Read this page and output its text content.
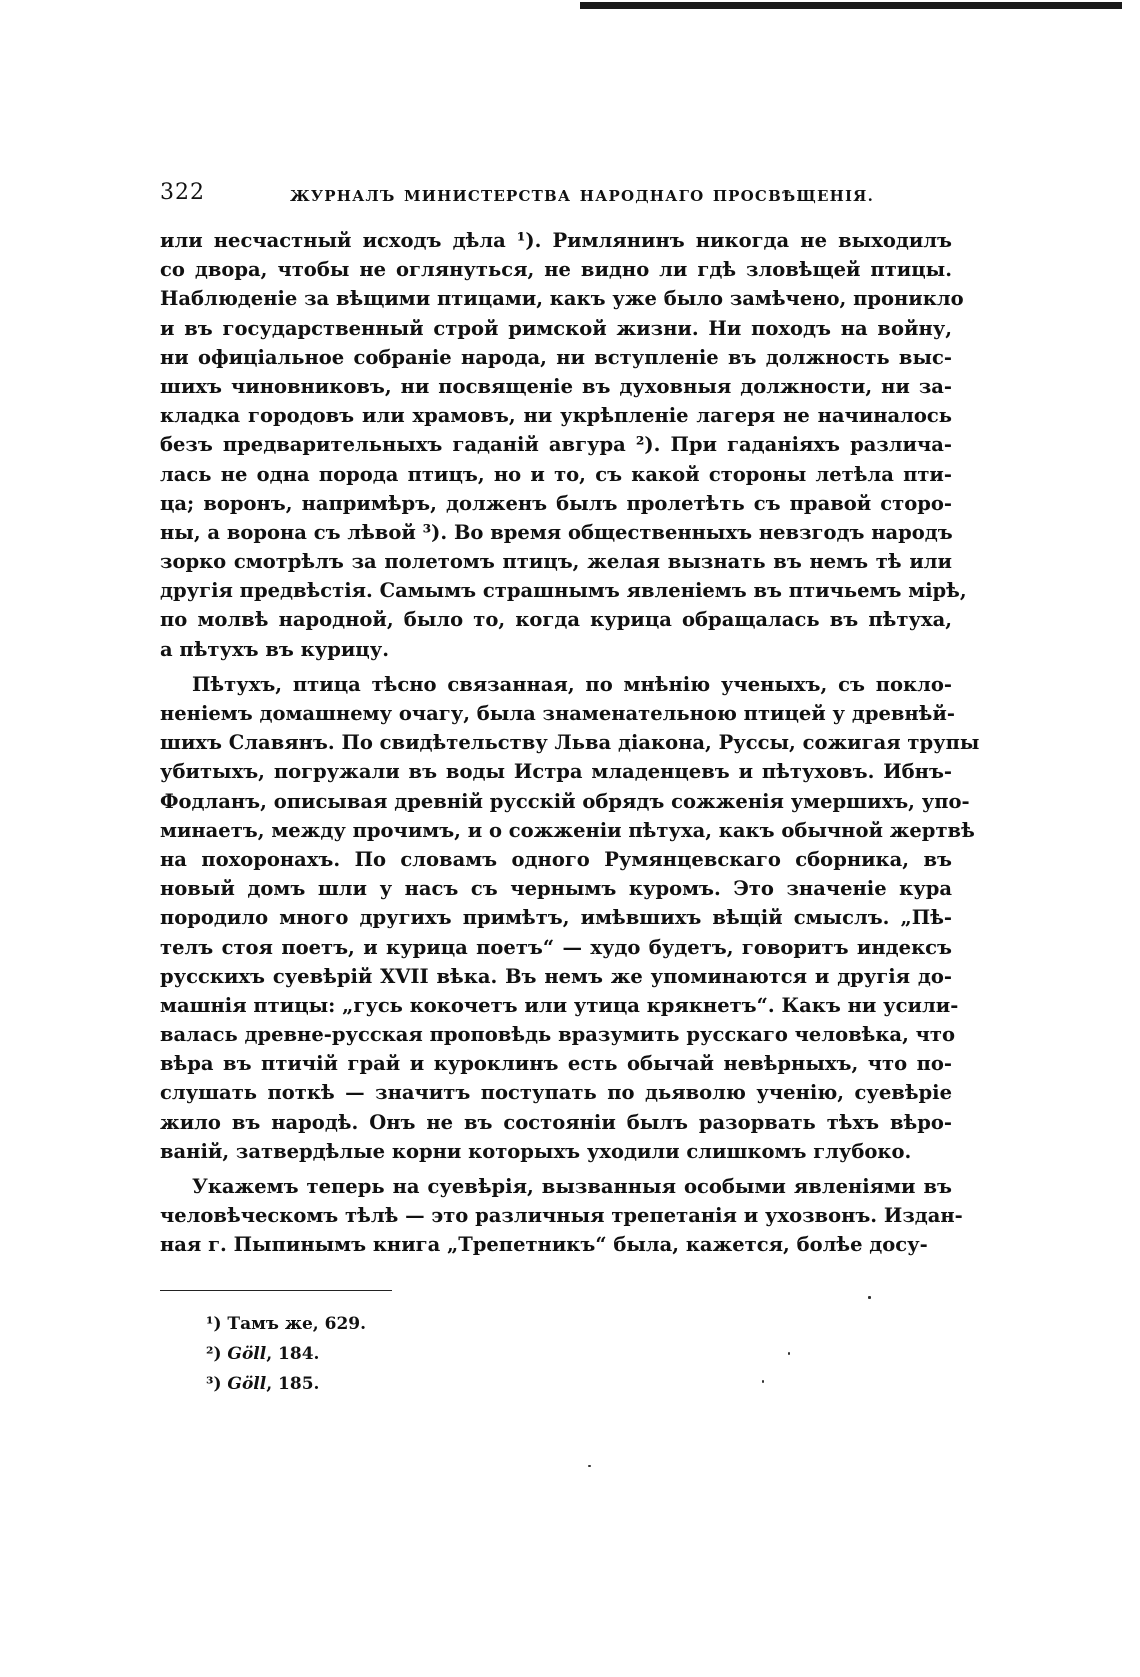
322	ЖУРНАЛЪ МИНИСТЕРСТВА НАРОДНАГО ПРОСВѢЩЕНІЯ.
или несчастный исходъ дѣла ¹). Римлянинъ никогда не выходилъ
со двора, чтобы не оглянуться, не видно ли гдѣ зловѣщей птицы.
Наблюденіе за вѣщими птицами, какъ уже было замѣчено, проникло
и въ государственный строй римской жизни. Ни походъ на войну,
ни офиціальное собраніе народа, ни вступленіе въ должность выс-
шихъ чиновниковъ, ни посвященіе въ духовныя должности, ни за-
кладка городовъ или храмовъ, ни укрѣпленіе лагеря не начиналось
безъ предварительныхъ гаданій авгура ²). При гаданіяхъ различа-
лась не одна порода птицъ, но и то, съ какой стороны летѣла пти-
ца; воронъ, напримѣръ, долженъ былъ пролетѣть съ правой сторо-
ны, а ворона съ лѣвой ³). Во время общественныхъ невзгодъ народъ
зорко смотрѣлъ за полетомъ птицъ, желая вызнать въ немъ тѣ или
другія предвѣстія. Самымъ страшнымъ явленіемъ въ птичьемъ мірѣ,
по молвѣ народной, было то, когда курица обращалась въ пѣтуха,
а пѣтухъ въ курицу.
Пѣтухъ, птица тѣсно связанная, по мнѣнію ученыхъ, съ покло-
неніемъ домашнему очагу, была знаменательною птицей у древнѣй-
шихъ Славянъ. По свидѣтельству Льва діакона, Руссы, сожигая трупы
убитыхъ, погружали въ воды Истра младенцевъ и пѣтуховъ. Ибнъ-
Фодланъ, описывая древній русскій обрядъ сожженія умершихъ, упо-
минаетъ, между прочимъ, и о сожженіи пѣтуха, какъ обычной жертвѣ
на похоронахъ. По словамъ одного Румянцевскаго сборника, въ
новый домъ шли у насъ съ чернымъ куромъ. Это значеніе кура
породило много другихъ примѣтъ, имѣвшихъ вѣщій смыслъ. „Пѣ-
телъ стоя поетъ, и курица поетъ“ — худо будетъ, говоритъ индексъ
русскихъ суевѣрій XVII вѣка. Въ немъ же упоминаются и другія до-
машнія птицы: „гусь кокочетъ или утица крякнетъ“. Какъ ни усили-
валась древне-русская проповѣдь вразумить русскаго человѣка, что
вѣра въ птичій грай и куроклинъ есть обычай невѣрныхъ, что по-
слушать поткѣ — значитъ поступать по дьяволю ученію, суевѣріе
жило въ народѣ. Онъ не въ состояніи былъ разорвать тѣхъ вѣро-
ваній, затвердѣлые корни которыхъ уходили слишкомъ глубоко.
Укажемъ теперь на суевѣрія, вызванныя особыми явленіями въ
человѣческомъ тѣлѣ — это различныя трепетанія и ухозвонъ. Издан-
ная г. Пыпинымъ книга „Трепетникъ“ была, кажется, болѣе досу-
¹) Тамъ же, 629.
²) Göll, 184.
³) Göll, 185.
